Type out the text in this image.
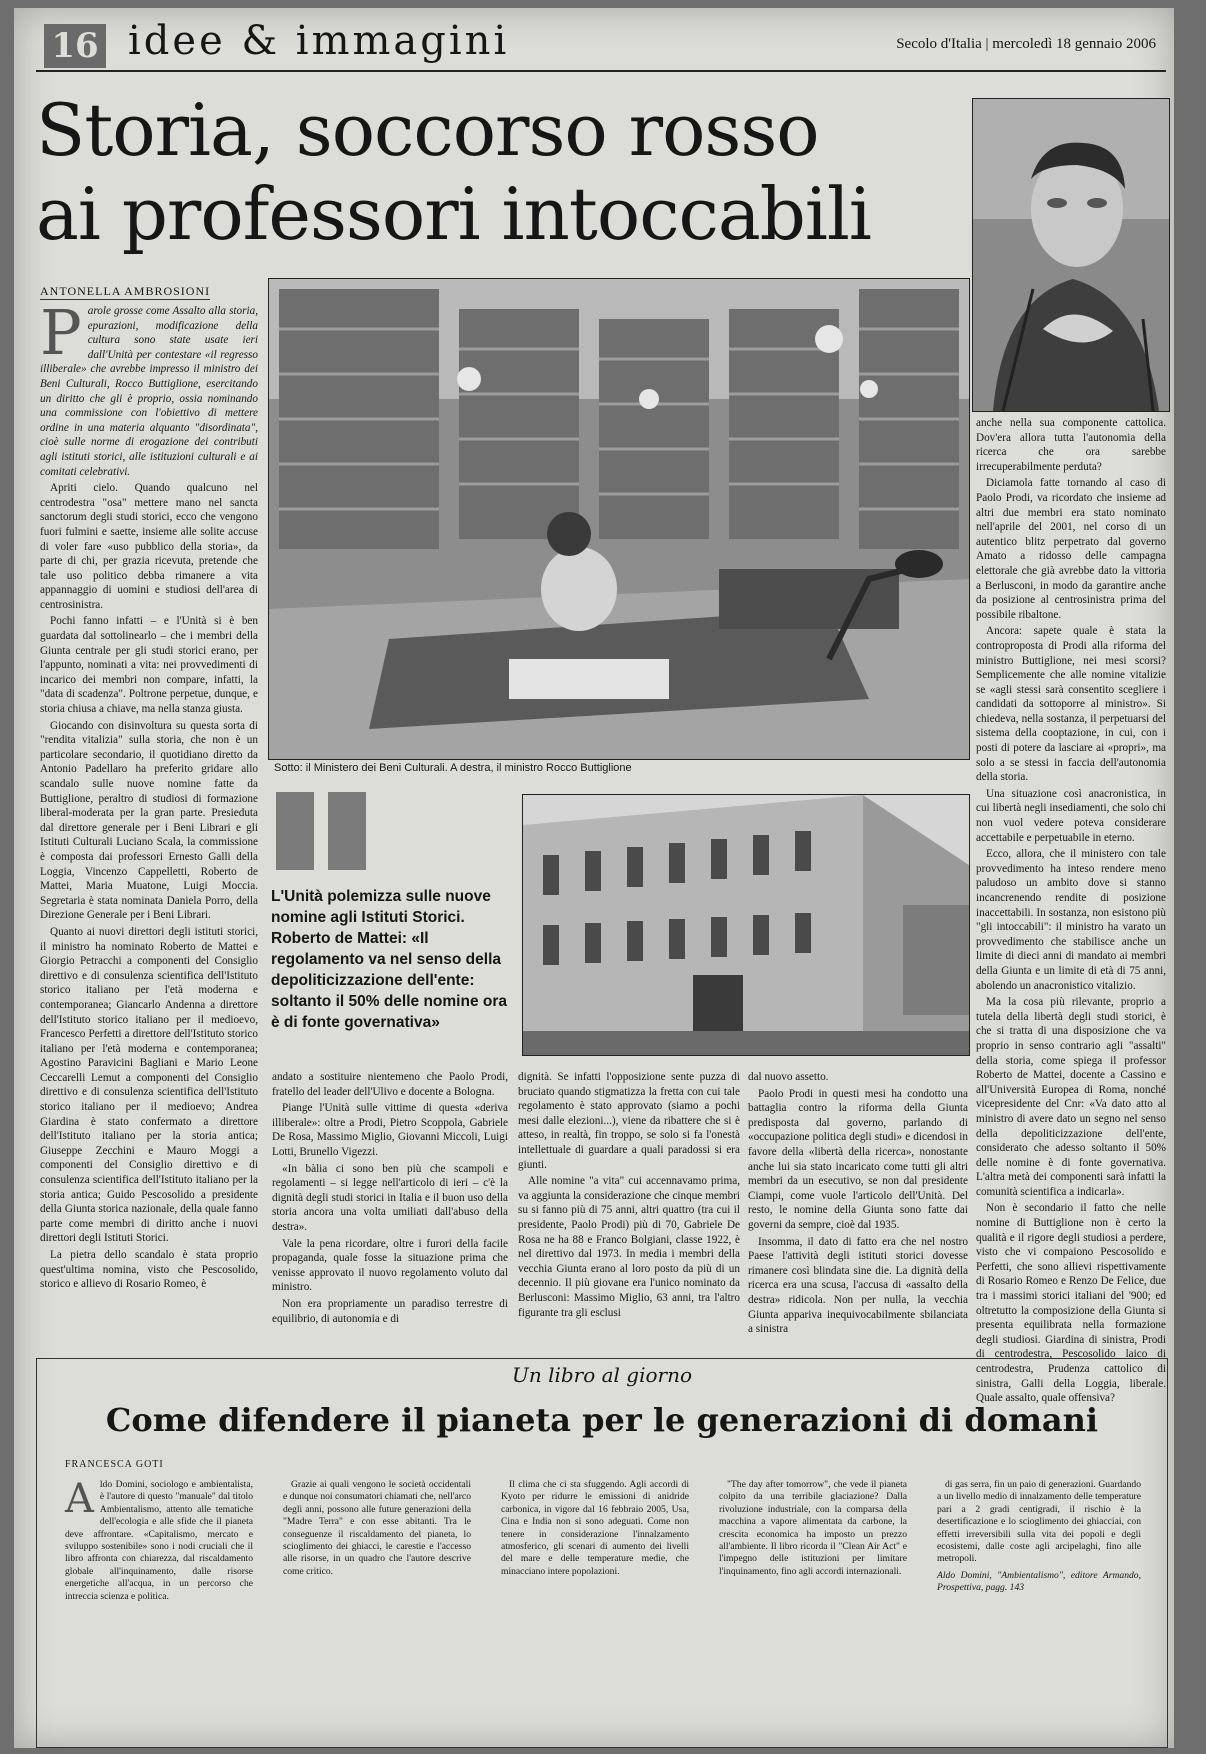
16 idee & immagini	Secolo d'Italia | mercoledì 18 gennaio 2006
Storia, soccorso rosso
ai professori intoccabili
ANTONELLA AMBROSIONI
P arole grosse come Assalto alla storia, epurazioni, modificazione della cultura sono state usate ieri dall'Unità per contestare «il regresso illiberale» che avrebbe impresso il ministro dei Beni Culturali, Rocco Buttiglione, esercitando un diritto che gli è proprio, ossia nominando una commissione con l'obiettivo di mettere ordine in una materia alquanto "disordinata", cioè sulle norme di erogazione dei contributi agli istituti storici, alle istituzioni culturali e ai comitati celebrativi.

Apriti cielo. Quando qualcuno nel centrodestra "osa" mettere mano nel sancta sanctorum degli studi storici, ecco che vengono fuori fulmini e saette, insieme alle solite accuse di voler fare «uso pubblico della storia», da parte di chi, per grazia ricevuta, pretende che tale uso politico debba rimanere a vita appannaggio di uomini e studiosi dell'area di centrosinistra.

Pochi fanno infatti – e l'Unità si è ben guardata dal sottolinearlo – che i membri della Giunta centrale per gli studi storici erano, per l'appunto, nominati a vita: nei provvedimenti di incarico dei membri non compare, infatti, la "data di scadenza". Poltrone perpetue, dunque, e storia chiusa a chiave, ma nella stanza giusta.

Giocando con disinvoltura su questa sorta di "rendita vitalizia" sulla storia, che non è un particolare secondario, il quotidiano diretto da Antonio Padellaro ha preferito gridare allo scandalo sulle nuove nomine fatte da Buttiglione, peraltro di studiosi di formazione liberal-moderata per la gran parte. Presieduta dal direttore generale per i Beni Librari e gli Istituti Culturali Luciano Scala, la commissione è composta dai professori Ernesto Galli della Loggia, Vincenzo Cappelletti, Roberto de Mattei, Maria Muatone, Luigi Moccia. Segretaria è stata nominata Daniela Porro, della Direzione Generale per i Beni Librari.

Quanto ai nuovi direttori degli istituti storici, il ministro ha nominato Roberto de Mattei e Giorgio Petracchi a componenti del Consiglio direttivo e di consulenza scientifica dell'Istituto storico italiano per l'età moderna e contemporanea; Giancarlo Andenna a direttore dell'Istituto storico italiano per il medioevo, Francesco Perfetti a direttore dell'Istituto storico italiano per l'età moderna e contemporanea; Agostino Paravicini Bagliani e Mario Leone Ceccarelli Lemut a componenti del Consiglio direttivo e di consulenza scientifica dell'Istituto storico italiano per il medioevo; Andrea Giardina è stato confermato a direttore dell'Istituto italiano per la storia antica; Giuseppe Zecchini e Mauro Moggi a componenti del Consiglio direttivo e di consulenza scientifica dell'Istituto italiano per la storia antica; Guido Pescosolido a presidente della Giunta storica nazionale, della quale fanno parte come membri di diritto anche i nuovi direttori degli Istituti Storici.

La pietra dello scandalo è stata proprio quest'ultima nomina, visto che Pescosolido, storico e allievo di Rosario Romeo, è

Sotto: il Ministero dei Beni Culturali. A destra, il ministro Rocco Buttiglione
L'Unità polemizza sulle nuove nomine agli Istituti Storici. Roberto de Mattei: «Il regolamento va nel senso della depoliticizzazione dell'ente: soltanto il 50% delle nomine ora è di fonte governativa»

andato a sostituire nientemeno che Paolo Prodi, fratello del leader dell'Ulivo e docente a Bologna.

Piange l'Unità sulle vittime di questa «deriva illiberale»: oltre a Prodi, Pietro Scoppola, Gabriele De Rosa, Massimo Miglio, Giovanni Miccoli, Luigi Lotti, Brunello Vigezzi.

«In bàlia ci sono ben più che scampoli e regolamenti – si legge nell'articolo di ieri – c'è la dignità degli studi storici in Italia e il buon uso della storia ancora una volta umiliati dall'abuso della destra».

Vale la pena ricordare, oltre i furori della facile propaganda, quale fosse la situazione prima che venisse approvato il nuovo regolamento voluto dal ministro.

Non era propriamente un paradiso terrestre di equilibrio, di autonomia e di

dignità. Se infatti l'opposizione sente puzza di bruciato quando stigmatizza la fretta con cui tale regolamento è stato approvato (siamo a pochi mesi dalle elezioni...), viene da ribattere che si è atteso, in realtà, fin troppo, se solo si fa l'onestà intellettuale di guardare a quali paradossi si era giunti.

Alle nomine "a vita" cui accennavamo prima, va aggiunta la considerazione che cinque membri su si fanno più di 75 anni, altri quattro (tra cui il presidente, Paolo Prodi) più di 70, Gabriele De Rosa ne ha 88 e Franco Bolgiani, classe 1922, è nel direttivo dal 1973. In media i membri della vecchia Giunta erano al loro posto da più di un decennio. Il più giovane era l'unico nominato da Berlusconi: Massimo Miglio, 63 anni, tra l'altro figurante tra gli esclusi

dal nuovo assetto.

Paolo Prodi in questi mesi ha condotto una battaglia contro la riforma della Giunta predisposta dal governo, parlando di «occupazione politica degli studi» e dicendosi in favore della «libertà della ricerca», nonostante anche lui sia stato incaricato come tutti gli altri membri da un esecutivo, se non dal presidente Ciampi, come vuole l'articolo dell'Unità. Del resto, le nomine della Giunta sono fatte dai governi da sempre, cioè dal 1935.

Insomma, il dato di fatto era che nel nostro Paese l'attività degli istituti storici dovesse rimanere così blindata sine die. La dignità della ricerca era una scusa, l'accusa di «assalto della destra» ridicola. Non per nulla, la vecchia Giunta appariva inequivocabilmente sbilanciata a sinistra

anche nella sua componente cattolica. Dov'era allora tutta l'autonomia della ricerca che ora sarebbe irrecuperabilmente perduta?

Diciamola fatte tornando al caso di Paolo Prodi, va ricordato che insieme ad altri due membri era stato nominato nell'aprile del 2001, nel corso di un autentico blitz perpetrato dal governo Amato a ridosso delle campagna elettorale che già avrebbe dato la vittoria a Berlusconi, in modo da garantire anche da posizione al centrosinistra prima del possibile ribaltone.

Ancora: sapete quale è stata la controproposta di Prodi alla riforma del ministro Buttiglione, nei mesi scorsi? Semplicemente che alle nomine vitalizie se «agli stessi sarà consentito scegliere i candidati da sottoporre al ministro». Si chiedeva, nella sostanza, il perpetuarsi del sistema della cooptazione, in cui, con i posti di potere da lasciare ai «propri», ma solo a se stessi in faccia dell'autonomia della storia.

Una situazione così anacronistica, in cui libertà negli insediamenti, che solo chi non vuol vedere poteva considerare accettabile e perpetuabile in eterno.

Ecco, allora, che il ministero con tale provvedimento ha inteso rendere meno paludoso un ambito dove si stanno incancrenendo rendite di posizione inaccettabili. In sostanza, non esistono più "gli intoccabili": il ministro ha varato un provvedimento che stabilisce anche un limite di dieci anni di mandato ai membri della Giunta e un limite di età di 75 anni, abolendo un anacronistico vitalizio.

Ma la cosa più rilevante, proprio a tutela della libertà degli studi storici, è che si tratta di una disposizione che va proprio in senso contrario agli "assalti" della storia, come spiega il professor Roberto de Mattei, docente a Cassino e all'Università Europea di Roma, nonché vicepresidente del Cnr: «Va dato atto al ministro di avere dato un segno nel senso della depoliticizzazione dell'ente, considerato che adesso soltanto il 50% delle nomine è di fonte governativa. L'altra metà dei componenti sarà infatti la comunità scientifica a indicarla».

Non è secondario il fatto che nelle nomine di Buttiglione non è certo la qualità e il rigore degli studiosi a perdere, visto che vi compaiono Pescosolido e Perfetti, che sono allievi rispettivamente di Rosario Romeo e Renzo De Felice, due tra i massimi storici italiani del '900; ed oltretutto la composizione della Giunta si presenta equilibrata nella formazione degli studiosi. Giardina di sinistra, Prodi di centrodestra, Pescosolido laico di centrodestra, Prudenza cattolico di sinistra, Galli della Loggia, liberale. Quale assalto, quale offensiva?

Un libro al giorno
Come difendere il pianeta per le generazioni di domani
FRANCESCA GOTI
A ldo Domini, sociologo e ambientalista, è l'autore di questo "manuale" dal titolo Ambientalismo, attento alle tematiche dell'ecologia e alle sfide che il pianeta deve affrontare. «Capitalismo, mercato e sviluppo sostenibile» sono i nodi cruciali che il libro affronta con chiarezza, dal riscaldamento globale all'inquinamento, dalle risorse energetiche all'acqua, in un percorso che intreccia scienza e politica.

Grazie ai quali vengono le società occidentali e dunque noi consumatori chiamati che, nell'arco degli anni, possono alle future generazioni della "Madre Terra" e con esse abitanti. Tra le conseguenze il riscaldamento del pianeta, lo scioglimento dei ghiacci, le carestie e l'accesso alle risorse, in un quadro che l'autore descrive come critico.

Il clima che ci sta sfuggendo. Agli accordi di Kyoto per ridurre le emissioni di anidride carbonica, in vigore dal 16 febbraio 2005, Usa, Cina e India non si sono adeguati. Come non tenere in considerazione l'innalzamento atmosferico, gli scenari di aumento dei livelli del mare e delle temperature medie, che minacciano intere popolazioni.

"The day after tomorrow", che vede il pianeta colpito da una terribile glaciazione? Dalla rivoluzione industriale, con la comparsa della macchina a vapore alimentata da carbone, la crescita economica ha imposto un prezzo all'ambiente. Il libro ricorda il "Clean Air Act" e l'impegno delle istituzioni per limitare l'inquinamento, fino agli accordi internazionali.

di gas serra, fin un paio di generazioni. Guardando a un livello medio di innalzamento delle temperature pari a 2 gradi centigradi, il rischio è la desertificazione e lo scioglimento dei ghiacciai, con effetti irreversibili sulla vita dei popoli e degli ecosistemi, dalle coste agli arcipelaghi, fino alle metropoli.

Aldo Domini, "Ambientalismo", editore Armando, Prospettiva, pagg. 143
